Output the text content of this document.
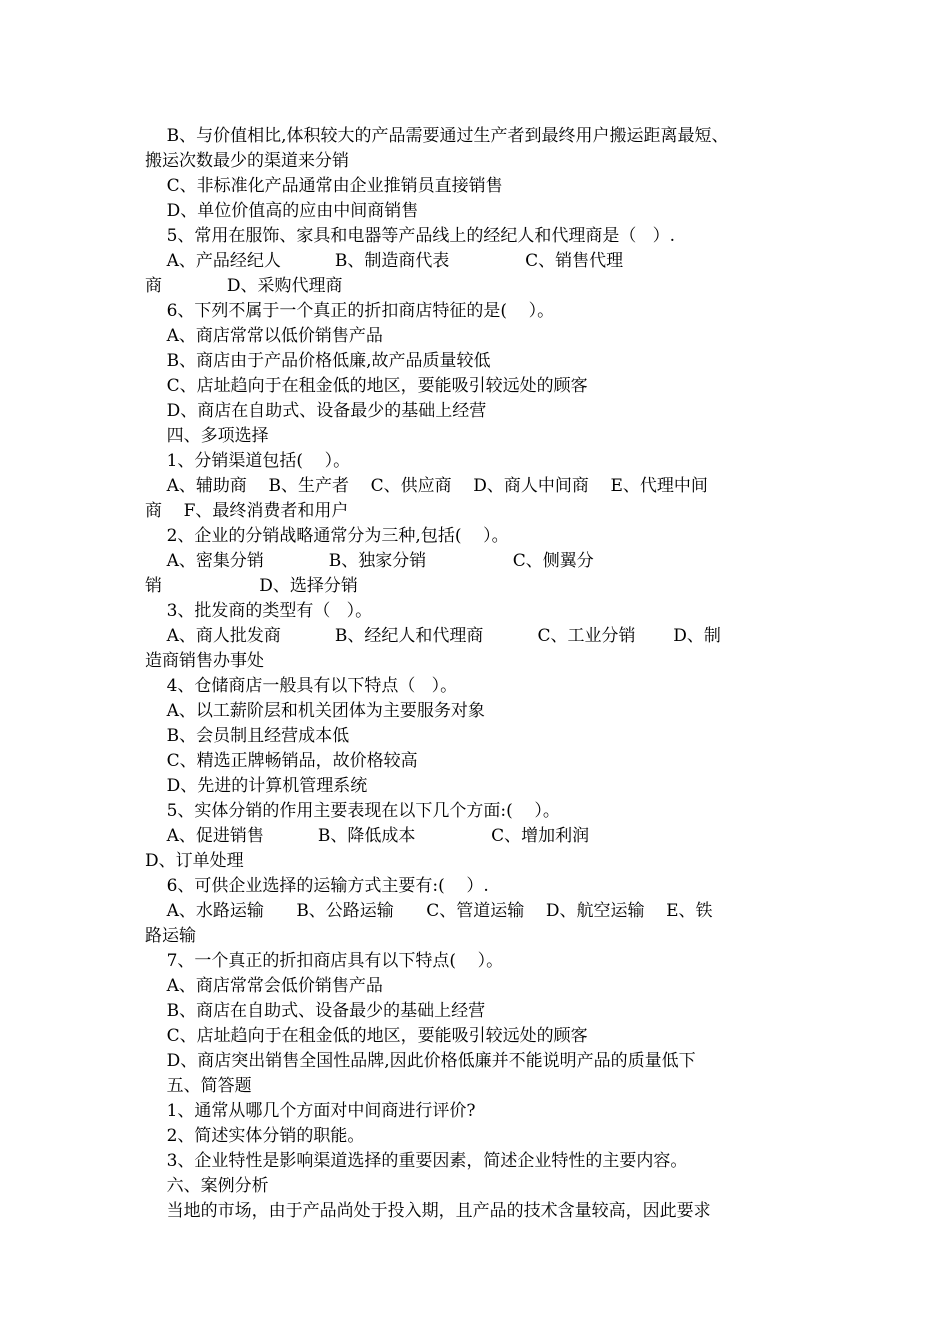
B、与价值相比,体积较大的产品需要通过生产者到最终用户搬运距离最短、
搬运次数最少的渠道来分销
C、非标准化产品通常由企业推销员直接销售
D、单位价值高的应由中间商销售
5、常用在服饰、家具和电器等产品线上的经纪人和代理商是（   ）.
A、产品经纪人          B、制造商代表              C、销售代理
商            D、采购代理商
6、下列不属于一个真正的折扣商店特征的是(    ）。
A、商店常常以低价销售产品
B、商店由于产品价格低廉,故产品质量较低
C、店址趋向于在租金低的地区，要能吸引较远处的顾客
D、商店在自助式、设备最少的基础上经营
四、多项选择
1、分销渠道包括(    ）。
A、辅助商    B、生产者    C、供应商    D、商人中间商    E、代理中间
商    F、最终消费者和用户
2、企业的分销战略通常分为三种,包括(    ）。
A、密集分销            B、独家分销                C、侧翼分
销                  D、选择分销
3、批发商的类型有（   ）。
A、商人批发商          B、经纪人和代理商          C、工业分销       D、制
造商销售办事处
4、仓储商店一般具有以下特点（   ）。
A、以工薪阶层和机关团体为主要服务对象
B、会员制且经营成本低
C、精选正牌畅销品，故价格较高
D、先进的计算机管理系统
5、实体分销的作用主要表现在以下几个方面:(    ）。
A、促进销售          B、降低成本              C、增加利润
D、订单处理
6、可供企业选择的运输方式主要有:(    ）.
A、水路运输      B、公路运输      C、管道运输    D、航空运输    E、铁
路运输
7、一个真正的折扣商店具有以下特点(    ）。
A、商店常常会低价销售产品
B、商店在自助式、设备最少的基础上经营
C、店址趋向于在租金低的地区，要能吸引较远处的顾客
D、商店突出销售全国性品牌,因此价格低廉并不能说明产品的质量低下
五、简答题
1、通常从哪几个方面对中间商进行评价?
2、简述实体分销的职能。
3、企业特性是影响渠道选择的重要因素，简述企业特性的主要内容。
六、案例分析
当地的市场，由于产品尚处于投入期，且产品的技术含量较高，因此要求
